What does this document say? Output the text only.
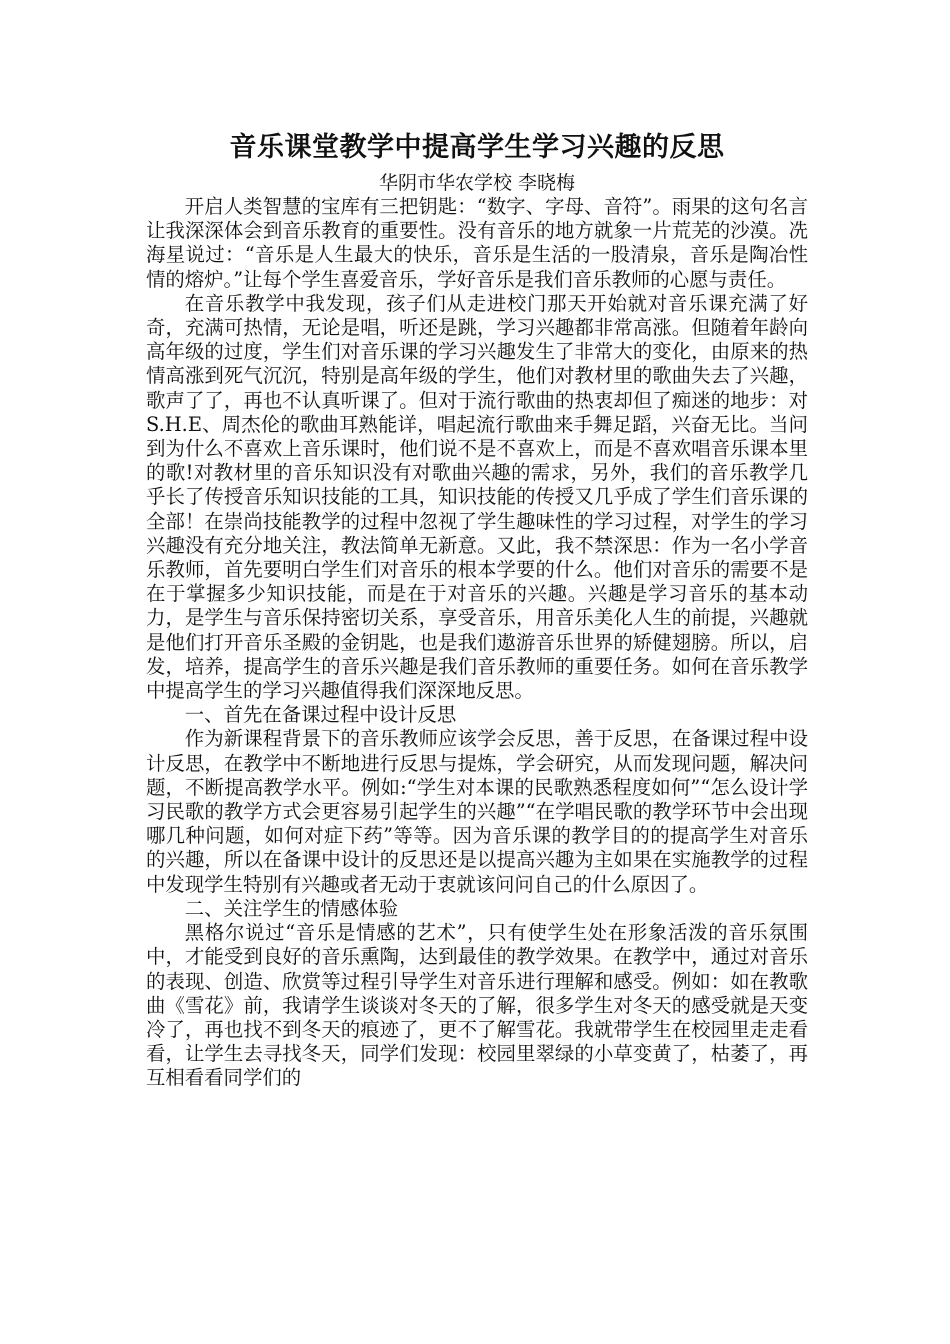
音乐课堂教学中提高学生学习兴趣的反思

华阴市华农学校 李晓梅

开启人类智慧的宝库有三把钥匙：“数字、字母、音符”。雨果的这句名言让我深深体会到音乐教育的重要性。没有音乐的地方就象一片荒芜的沙漠。冼海星说过：“音乐是人生最大的快乐，音乐是生活的一股清泉，音乐是陶冶性情的熔炉。”让每个学生喜爱音乐，学好音乐是我们音乐教师的心愿与责任。

在音乐教学中我发现，孩子们从走进校门那天开始就对音乐课充满了好奇，充满可热情，无论是唱，听还是跳，学习兴趣都非常高涨。但随着年龄向高年级的过度，学生们对音乐课的学习兴趣发生了非常大的变化，由原来的热情高涨到死气沉沉，特别是高年级的学生，他们对教材里的歌曲失去了兴趣，歌声了了，再也不认真听课了。但对于流行歌曲的热衷却但了痴迷的地步：对 S.H.E、周杰伦的歌曲耳熟能详，唱起流行歌曲来手舞足蹈，兴奋无比。当问到为什么不喜欢上音乐课时，他们说不是不喜欢上，而是不喜欢唱音乐课本里的歌!对教材里的音乐知识没有对歌曲兴趣的需求，另外，我们的音乐教学几乎长了传授音乐知识技能的工具，知识技能的传授又几乎成了学生们音乐课的全部！在崇尚技能教学的过程中忽视了学生趣味性的学习过程，对学生的学习兴趣没有充分地关注，教法简单无新意。又此，我不禁深思：作为一名小学音乐教师，首先要明白学生们对音乐的根本学要的什么。他们对音乐的需要不是在于掌握多少知识技能，而是在于对音乐的兴趣。兴趣是学习音乐的基本动力，是学生与音乐保持密切关系，享受音乐，用音乐美化人生的前提，兴趣就是他们打开音乐圣殿的金钥匙，也是我们遨游音乐世界的矫健翅膀。所以，启发，培养，提高学生的音乐兴趣是我们音乐教师的重要任务。如何在音乐教学中提高学生的学习兴趣值得我们深深地反思。

一、首先在备课过程中设计反思

作为新课程背景下的音乐教师应该学会反思，善于反思，在备课过程中设计反思，在教学中不断地进行反思与提炼，学会研究，从而发现问题，解决问题，不断提高教学水平。例如:“学生对本课的民歌熟悉程度如何”“怎么设计学习民歌的教学方式会更容易引起学生的兴趣”“在学唱民歌的教学环节中会出现哪几种问题，如何对症下药”等等。因为音乐课的教学目的的提高学生对音乐的兴趣，所以在备课中设计的反思还是以提高兴趣为主如果在实施教学的过程中发现学生特别有兴趣或者无动于衷就该问问自己的什么原因了。

二、关注学生的情感体验

黑格尔说过“音乐是情感的艺术”，只有使学生处在形象活泼的音乐氛围中，才能受到良好的音乐熏陶，达到最佳的教学效果。在教学中，通过对音乐的表现、创造、欣赏等过程引导学生对音乐进行理解和感受。例如：如在教歌曲《雪花》前，我请学生谈谈对冬天的了解，很多学生对冬天的感受就是天变冷了，再也找不到冬天的痕迹了，更不了解雪花。我就带学生在校园里走走看看，让学生去寻找冬天，同学们发现：校园里翠绿的小草变黄了，枯萎了，再互相看看同学们的
